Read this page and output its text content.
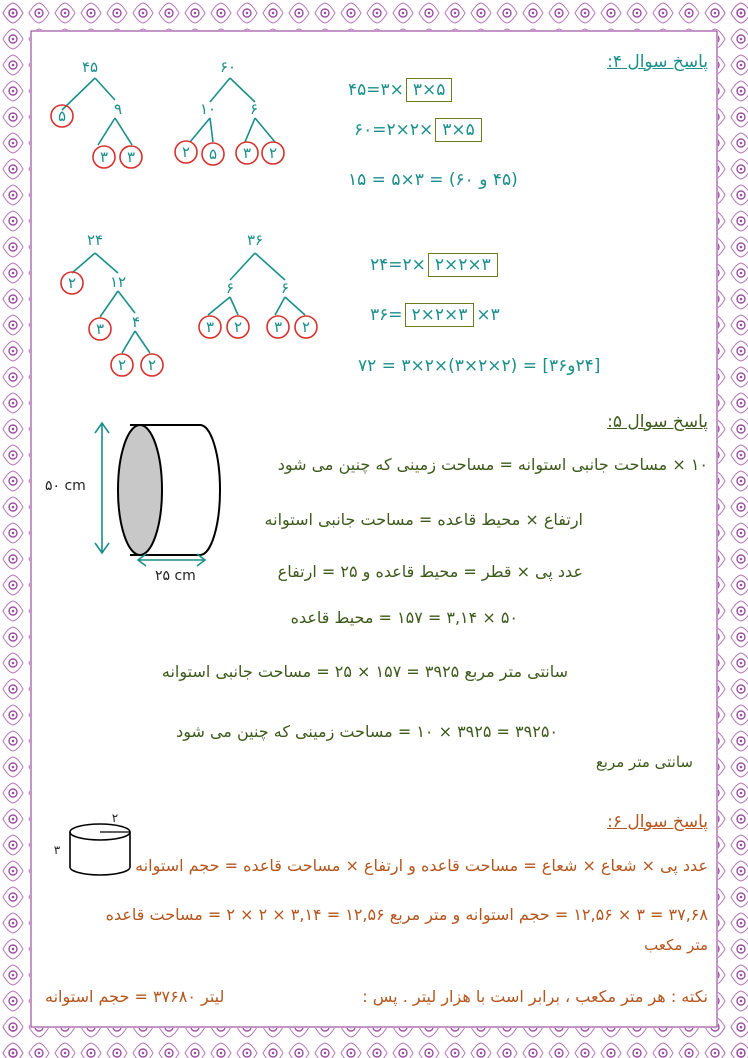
پاسخ سوال ۴:
۴۵
۵	۹
۳ ۳
۶۰
۱۰ ۶
۲ ۵ ۳ ۲
۴۵=۳× ۳×۵
۶۰=۲×۲× ۳×۵
(۴۵ و ۶۰) = ۳×۵ = ۱۵
۲۴
۲ ۱۲
۳ ۴
۲ ۲
۳۶
۶	۶
۳ ۲ ۳ ۲
۲۴=۲× ۲×۲×۳
۳۶= ۲×۲×۳ ×۳
[۲۴و۳۶] = (۲×۲×۳)×۲×۳ = ۷۲
پاسخ سوال ۵:
۵۰ cm
۲۵ cm
۱۰ × مساحت جانبی استوانه = مساحت زمینی که چنین می شود
ارتفاع × محیط قاعده = مساحت جانبی استوانه
عدد پی × قطر = محیط قاعده و ۲۵ = ارتفاع
۵۰ × ۳,۱۴ = ۱۵۷ = محیط قاعده
سانتی متر مربع ۳۹۲۵ = ۱۵۷ × ۲۵ = مساحت جانبی استوانه
۳۹۲۵۰ = ۳۹۲۵ × ۱۰ = مساحت زمینی که چنین می شود
سانتی متر مربع
پاسخ سوال ۶:
۲
۳
عدد پی × شعاع × شعاع = مساحت قاعده و ارتفاع × مساحت قاعده = حجم استوانه
۳۷,۶۸ = ۳ × ۱۲,۵۶ = حجم استوانه و متر مربع ۱۲,۵۶ = ۳,۱۴ × ۲ × ۲ = مساحت قاعده
متر مکعب
نکته : هر متر مکعب ، برابر است با هزار لیتر . پس :
لیتر ۳۷۶۸۰ = حجم استوانه
